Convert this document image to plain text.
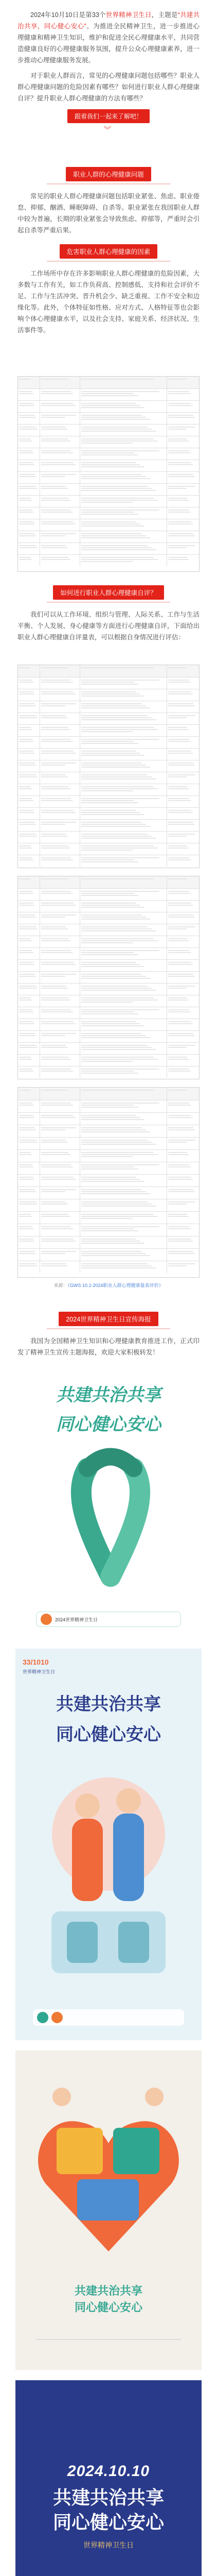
2024年10月10日是第33个世界精神卫生日，主题是“共建共治共享，同心健心安心”。为推进全民精神卫生，进一步推进心理健康和精神卫生知识，维护和促进全民心理健康水平，共同营造健康良好的心理健康服务氛围，提升公众心理健康素养，进一步推动心理健康服务发展。

对于职业人群而言，常见的心理健康问题包括哪些？职业人群心理健康问题的危险因素有哪些？如何进行职业人群心理健康自评？提升职业人群心理健康的方法有哪些？

跟着我们一起来了解吧！
︾
职业人群的心理健康问题

常见的职业人群心理健康问题包括职业紧张、焦虑、职业倦怠、抑郁、酗酒、睡眠障碍、自杀等。职业紧张在我国职业人群中较为普遍，长期的职业紧张会导致焦虑、抑郁等，严重时会引起自杀等严重后果。

危害职业人群心理健康的因素

工作场所中存在许多影响职业人群心理健康的危险因素，大多数与工作有关，如工作负荷高、控制感低、支持和社会评价不足、工作与生活冲突、晋升机会少、缺乏重视、工作不安全和边缘化等。此外，个体特征如性格、应对方式、人格特征等也会影响个体心理健康水平，以及社会支持、家庭关系、经济状况、生活事件等。

如何进行职业人群心理健康自评？

我们可以从工作环境、组织与管理、人际关系、工作与生活平衡、个人发展、身心健康等方面进行心理健康自评，下面给出职业人群心理健康自评量表，可以根据自身情况进行评估：

来源：《GWS 10.1-2024职业人群心理健康量表评价》

2024世界精神卫生日宣传海报

我国为全国精神卫生知识和心理健康教育推进工作，正式印发了精神卫生宣传主题海报，欢迎大家积极转发！

共建共治共享
同心健心安心
2024世界精神卫生日
33/1010
世界精神卫生日
共建共治共享
同心健心安心
共建共治共享
同心健心安心
2024.10.10
共建共治共享
同心健心安心
世界精神卫生日
